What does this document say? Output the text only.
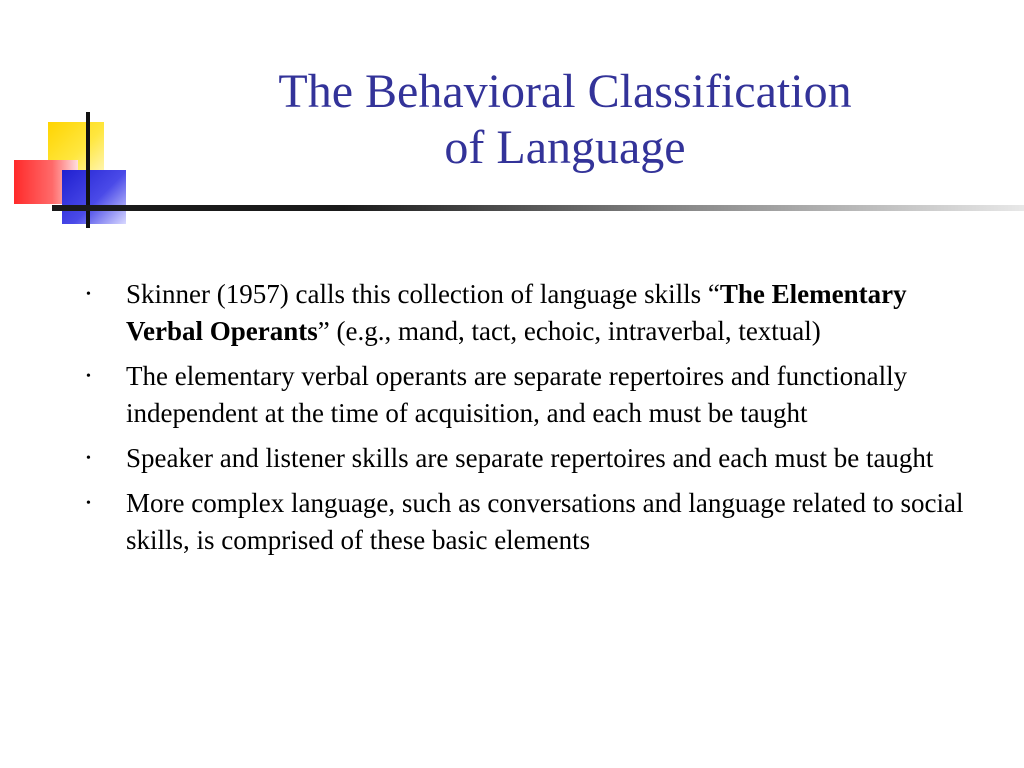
The Behavioral Classification
of Language
• Skinner (1957) calls this collection of language skills “The Elementary Verbal Operants” (e.g., mand, tact, echoic, intraverbal, textual)
• The elementary verbal operants are separate repertoires and functionally independent at the time of acquisition, and each must be taught
• Speaker and listener skills are separate repertoires and each must be taught
• More complex language, such as conversations and language related to social skills, is comprised of these basic elements
